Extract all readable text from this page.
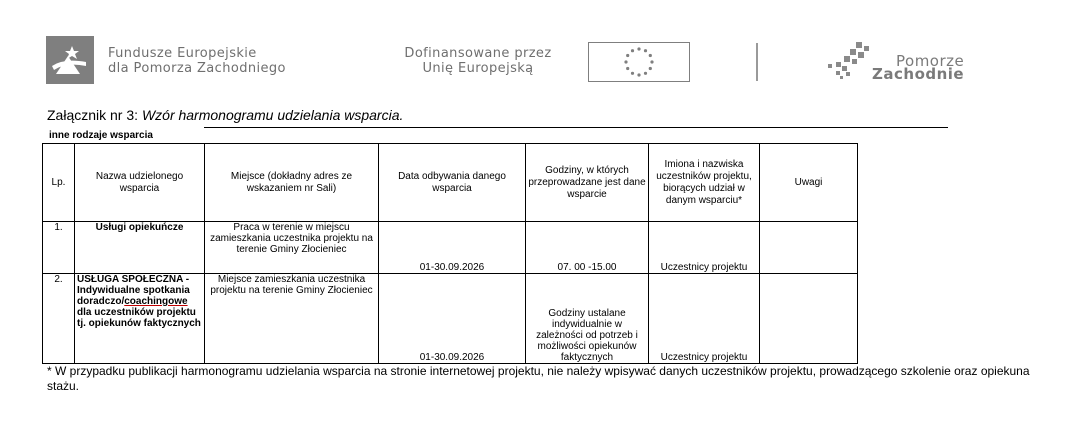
Fundusze Europejskie
dla Pomorza Zachodniego
Dofinansowane przez
Unię Europejską	Pomorze
Zachodnie
Załącznik nr 3: Wzór harmonogramu udzielania wsparcia.
inne rodzaje wsparcia
Lp.	Nazwa udzielonego wsparcia	Miejsce (dokładny adres ze wskazaniem nr Sali)	Data odbywania danego wsparcia	Godziny, w których przeprowadzane jest dane wsparcie	Imiona i nazwiska uczestników projektu, biorących udział w danym wsparciu*	Uwagi
1.	Usługi opiekuńcze	Praca w terenie w miejscu zamieszkania uczestnika projektu na terenie Gminy Złocieniec	01-30.09.2026	07. 00 -15.00	Uczestnicy projektu	
2.	USŁUGA SPOŁECZNA - Indywidualne spotkania doradczo/coachingowe dla uczestników projektu tj. opiekunów faktycznych	Miejsce zamieszkania uczestnika projektu na terenie Gminy Złocieniec	01-30.09.2026	Godziny ustalane indywidualnie w zależności od potrzeb i możliwości opiekunów faktycznych	Uczestnicy projektu	
* W przypadku publikacji harmonogramu udzielania wsparcia na stronie internetowej projektu, nie należy wpisywać danych uczestników projektu, prowadzącego szkolenie oraz opiekuna stażu.
